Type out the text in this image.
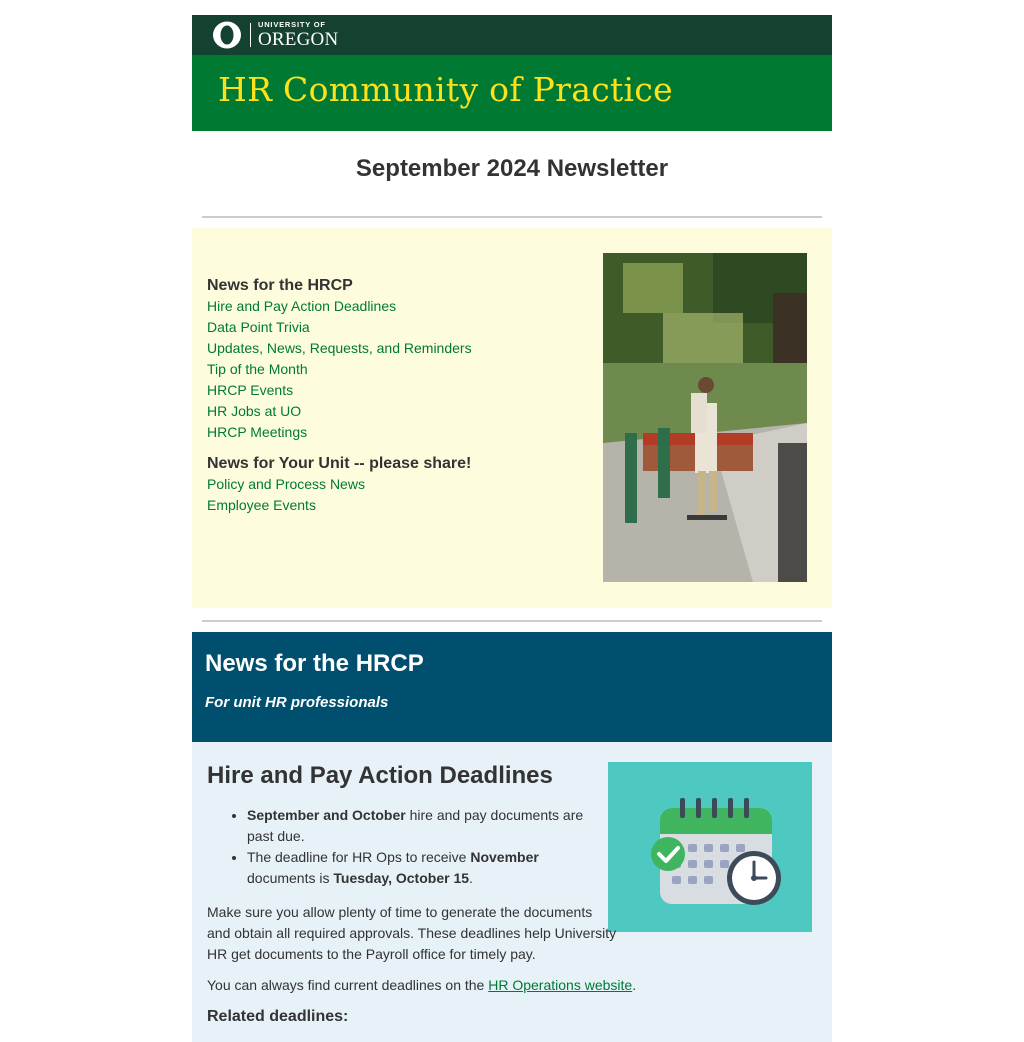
UNIVERSITY OF
OREGON
HR Community of Practice
September 2024 Newsletter
News for the HRCP
Hire and Pay Action Deadlines
Data Point Trivia
Updates, News, Requests, and Reminders
Tip of the Month
HRCP Events
HR Jobs at UO
HRCP Meetings
News for Your Unit -- please share!
Policy and Process News
Employee Events
News for the HRCP
For unit HR professionals
Hire and Pay Action Deadlines
• September and October hire and pay documents are past due.
• The deadline for HR Ops to receive November documents is Tuesday, October 15.

Make sure you allow plenty of time to generate the documents and obtain all required approvals. These deadlines help University HR get documents to the Payroll office for timely pay.

You can always find current deadlines on the HR Operations website.

Related deadlines:
